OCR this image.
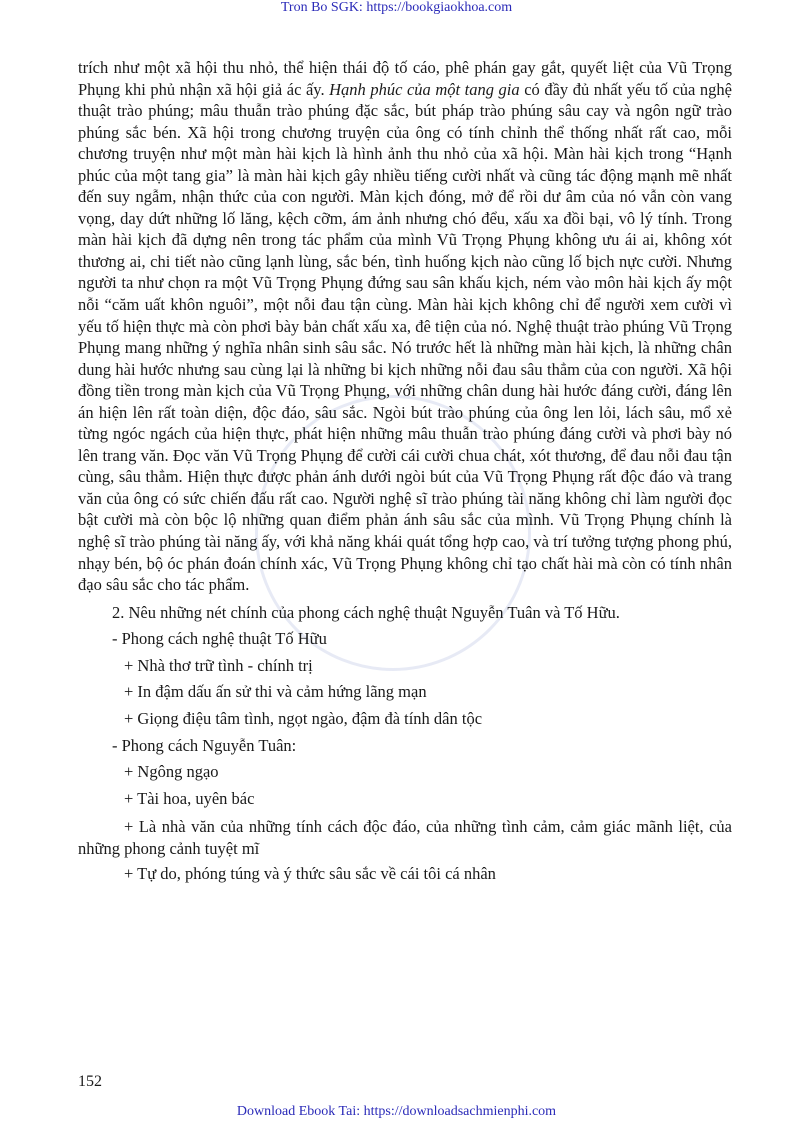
Tron Bo SGK: https://bookgiaokhoa.com

trích như một xã hội thu nhỏ, thể hiện thái độ tố cáo, phê phán gay gắt, quyết liệt của Vũ Trọng Phụng khi phủ nhận xã hội giả ác ấy. Hạnh phúc của một tang gia có đầy đủ nhất yếu tố của nghệ thuật trào phúng; mâu thuẫn trào phúng đặc sắc, bút pháp trào phúng sâu cay và ngôn ngữ trào phúng sắc bén. Xã hội trong chương truyện của ông có tính chỉnh thể thống nhất rất cao, mỗi chương truyện như một màn hài kịch là hình ảnh thu nhỏ của xã hội. Màn hài kịch trong “Hạnh phúc của một tang gia” là màn hài kịch gây nhiều tiếng cười nhất và cũng tác động mạnh mẽ nhất đến suy ngẫm, nhận thức của con người. Màn kịch đóng, mở để rồi dư âm của nó vẫn còn vang vọng, day dứt những lố lăng, kệch cỡm, ám ảnh nhưng chó đểu, xấu xa đồi bại, vô lý tính. Trong màn hài kịch đã dựng nên trong tác phẩm của mình Vũ Trọng Phụng không ưu ái ai, không xót thương ai, chi tiết nào cũng lạnh lùng, sắc bén, tình huống kịch nào cũng lố bịch nực cười. Nhưng người ta như chọn ra một Vũ Trọng Phụng đứng sau sân khấu kịch, ném vào môn hài kịch ấy một nỗi “căm uất khôn nguôi”, một nỗi đau tận cùng. Màn hài kịch không chỉ để người xem cười vì yếu tố hiện thực mà còn phơi bày bản chất xấu xa, đê tiện của nó. Nghệ thuật trào phúng Vũ Trọng Phụng mang những ý nghĩa nhân sinh sâu sắc. Nó trước hết là những màn hài kịch, là những chân dung hài hước nhưng sau cùng lại là những bi kịch những nỗi đau sâu thẳm của con người. Xã hội đồng tiền trong màn kịch của Vũ Trọng Phụng, với những chân dung hài hước đáng cười, đáng lên án hiện lên rất toàn diện, độc đáo, sâu sắc. Ngòi bút trào phúng của ông len lỏi, lách sâu, mổ xẻ từng ngóc ngách của hiện thực, phát hiện những mâu thuẫn trào phúng đáng cười và phơi bày nó lên trang văn. Đọc văn Vũ Trọng Phụng để cười cái cười chua chát, xót thương, để đau nỗi đau tận cùng, sâu thẳm. Hiện thực được phản ánh dưới ngòi bút của Vũ Trọng Phụng rất độc đáo và trang văn của ông có sức chiến đấu rất cao. Người nghệ sĩ trào phúng tài năng không chỉ làm người đọc bật cười mà còn bộc lộ những quan điểm phản ánh sâu sắc của mình. Vũ Trọng Phụng chính là nghệ sĩ trào phúng tài năng ấy, với khả năng khái quát tổng hợp cao, và trí tưởng tượng phong phú, nhạy bén, bộ óc phán đoán chính xác, Vũ Trọng Phụng không chỉ tạo chất hài mà còn có tính nhân đạo sâu sắc cho tác phẩm.

2. Nêu những nét chính của phong cách nghệ thuật Nguyễn Tuân và Tố Hữu.

- Phong cách nghệ thuật Tố Hữu

+ Nhà thơ trữ tình - chính trị

+ In đậm dấu ấn sử thi và cảm hứng lãng mạn

+ Giọng điệu tâm tình, ngọt ngào, đậm đà tính dân tộc

- Phong cách Nguyễn Tuân:

+ Ngông ngạo

+ Tài hoa, uyên bác

+ Là nhà văn của những tính cách độc đáo, của những tình cảm, cảm giác mãnh liệt, của những phong cảnh tuyệt mĩ

+ Tự do, phóng túng và ý thức sâu sắc về cái tôi cá nhân

152
Download Ebook Tai: https://downloadsachmienphi.com
